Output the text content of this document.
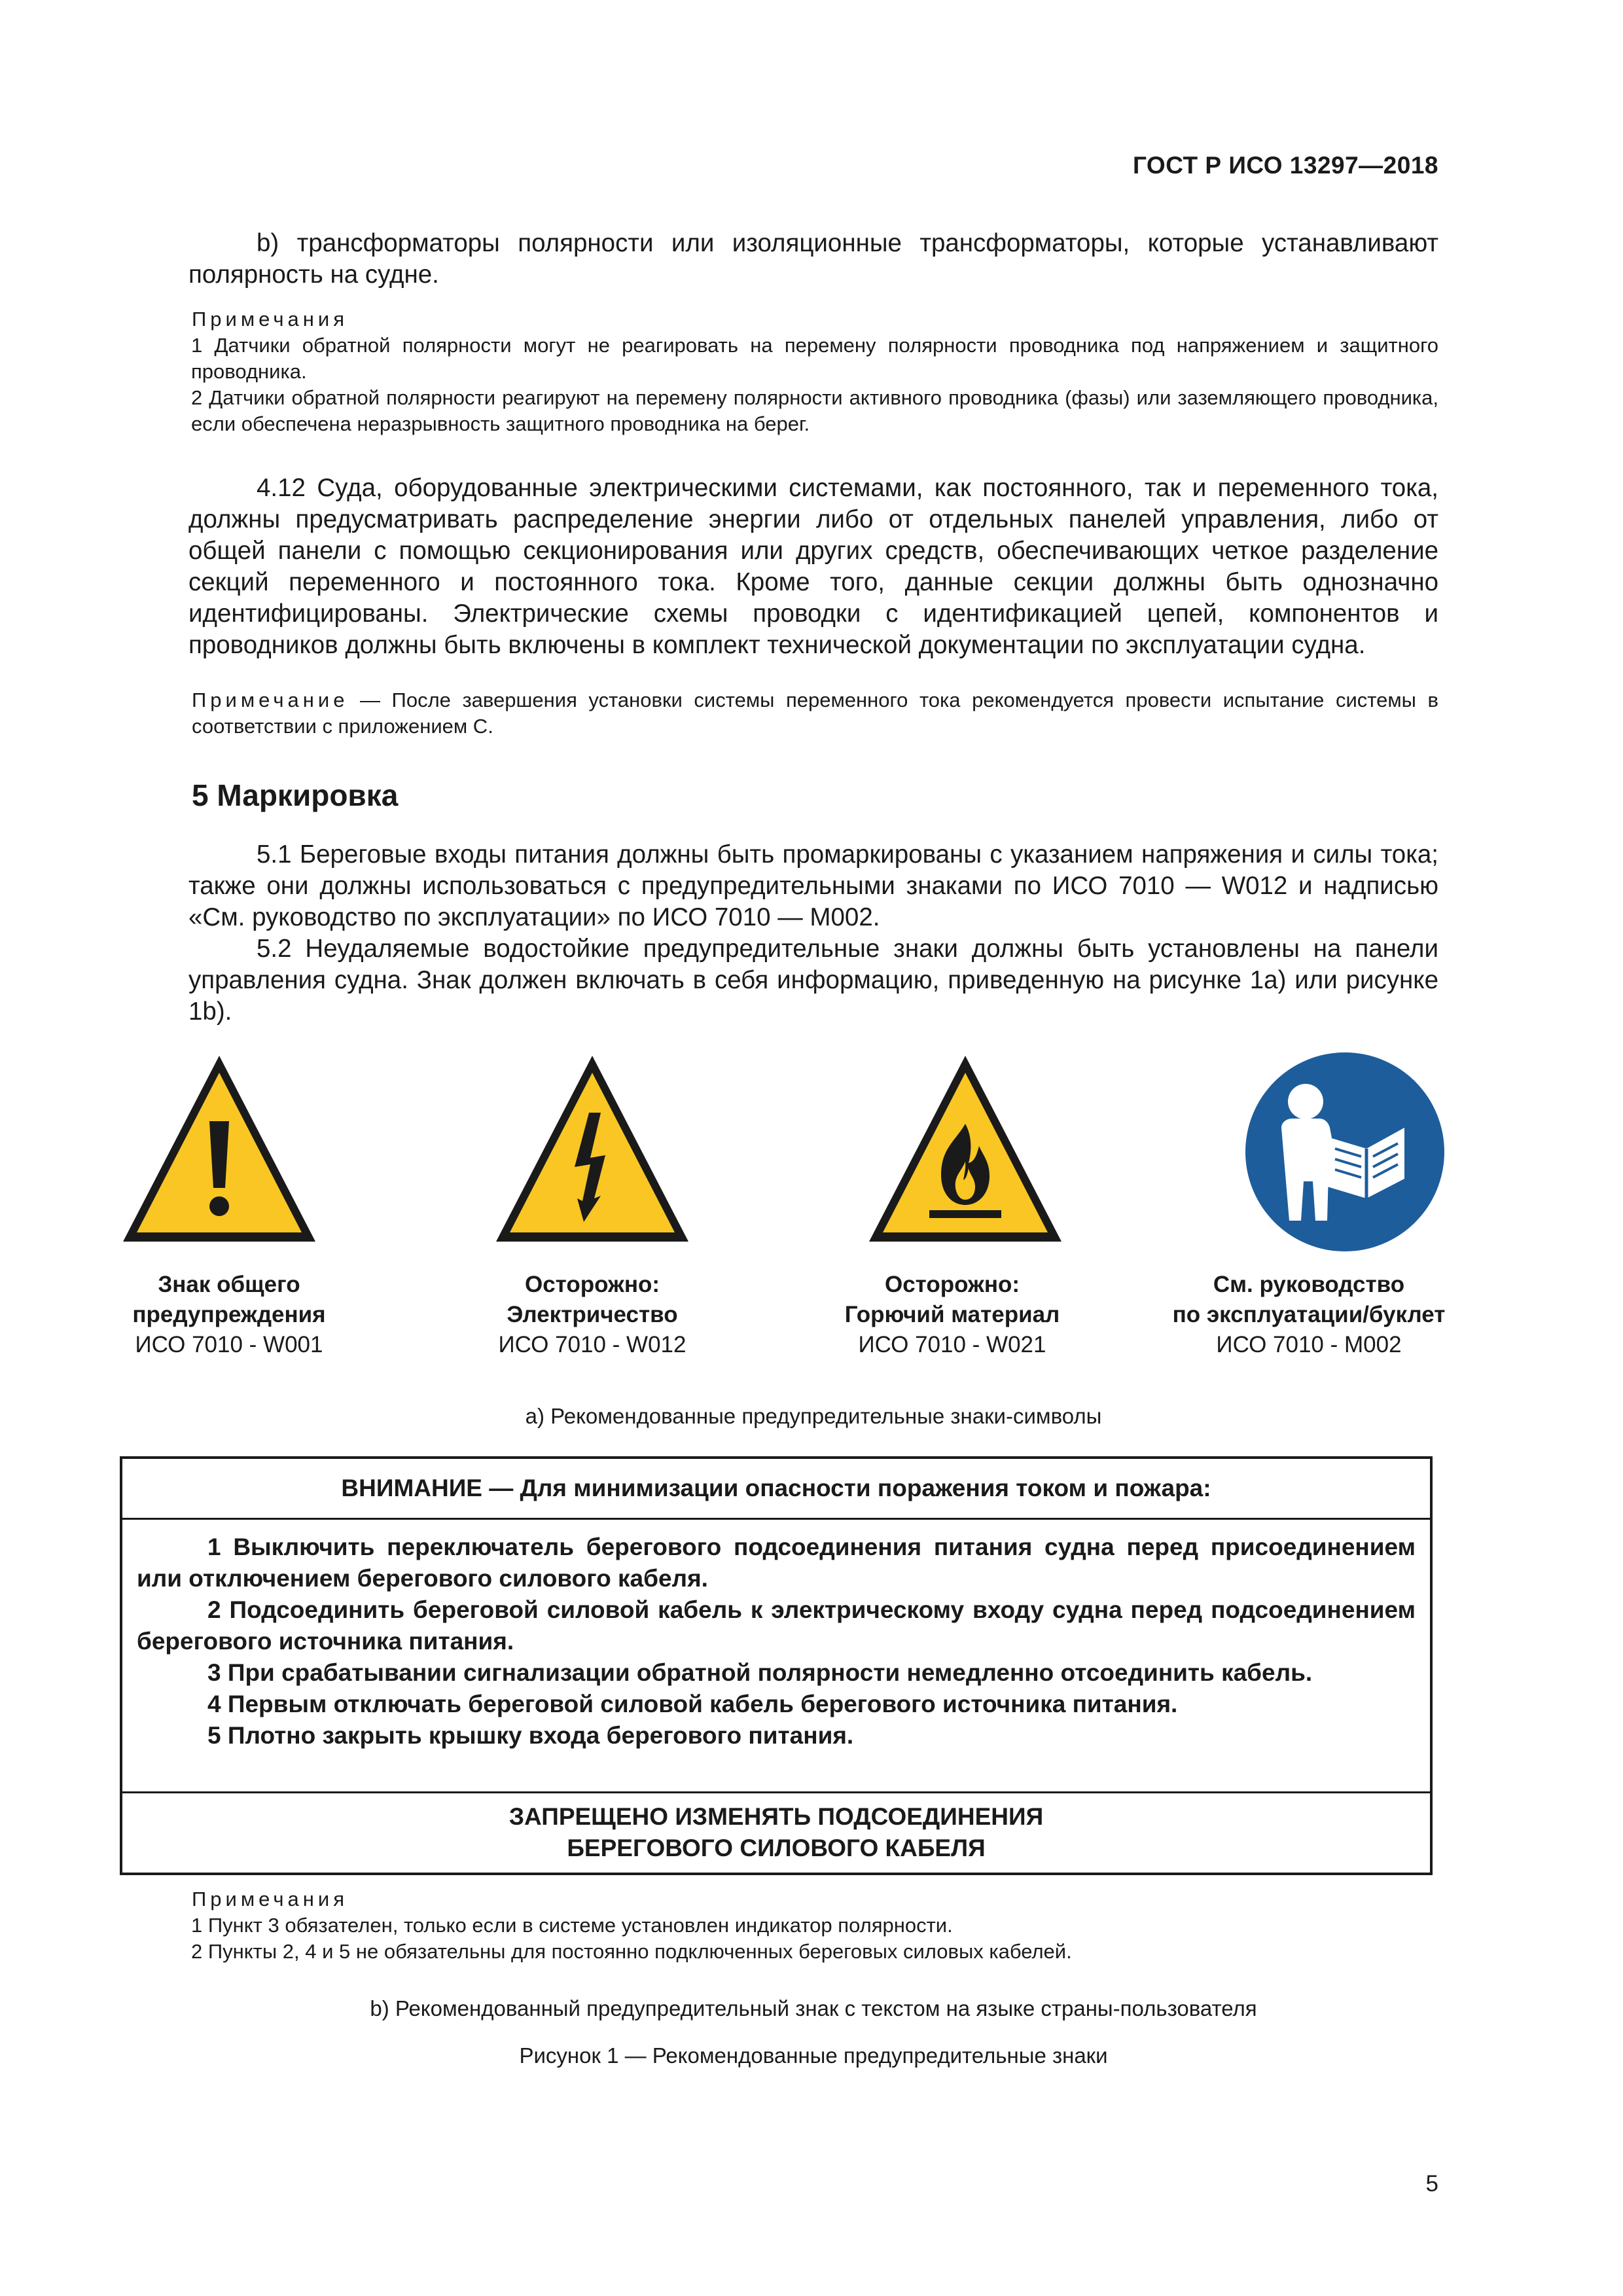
ГОСТ Р ИСО 13297—2018

b) трансформаторы полярности или изоляционные трансформаторы, которые устанавливают полярность на судне.

Примечания

1 Датчики обратной полярности могут не реагировать на перемену полярности проводника под напряжением и защитного проводника.

2 Датчики обратной полярности реагируют на перемену полярности активного проводника (фазы) или заземляющего проводника, если обеспечена неразрывность защитного проводника на берег.

4.12 Суда, оборудованные электрическими системами, как постоянного, так и переменного тока, должны предусматривать распределение энергии либо от отдельных панелей управления, либо от общей панели с помощью секционирования или других средств, обеспечивающих четкое разделение секций переменного и постоянного тока. Кроме того, данные секции должны быть однозначно идентифицированы. Электрические схемы проводки с идентификацией цепей, компонентов и проводников должны быть включены в комплект технической документации по эксплуатации судна.

Примечание — После завершения установки системы переменного тока рекомендуется провести испытание системы в соответствии с приложением С.

5 Маркировка

5.1 Береговые входы питания должны быть промаркированы с указанием напряжения и силы тока; также они должны использоваться с предупредительными знаками по ИСО 7010 — W012 и надписью «См. руководство по эксплуатации» по ИСО 7010 — М002.

5.2 Неудаляемые водостойкие предупредительные знаки должны быть установлены на панели управления судна. Знак должен включать в себя информацию, приведенную на рисунке 1а) или рисунке 1b).

Знак общего
предупреждения
ИСО 7010 - W001
Осторожно:
Электричество
ИСО 7010 - W012
Осторожно:
Горючий материал
ИСО 7010 - W021
См. руководство
по эксплуатации/буклет
ИСО 7010 - М002
а) Рекомендованные предупредительные знаки-символы
ВНИМАНИЕ — Для минимизации опасности поражения током и пожара:

1 Выключить переключатель берегового подсоединения питания судна перед присоединением или отключением берегового силового кабеля.

2 Подсоединить береговой силовой кабель к электрическому входу судна перед подсоединением берегового источника питания.

3 При срабатывании сигнализации обратной полярности немедленно отсоединить кабель.

4 Первым отключать береговой силовой кабель берегового источника питания.

5 Плотно закрыть крышку входа берегового питания.

ЗАПРЕЩЕНО ИЗМЕНЯТЬ ПОДСОЕДИНЕНИЯ
БЕРЕГОВОГО СИЛОВОГО КАБЕЛЯ

Примечания

1 Пункт 3 обязателен, только если в системе установлен индикатор полярности.

2 Пункты 2, 4 и 5 не обязательны для постоянно подключенных береговых силовых кабелей.

b) Рекомендованный предупредительный знак с текстом на языке страны-пользователя
Рисунок 1 — Рекомендованные предупредительные знаки
5
